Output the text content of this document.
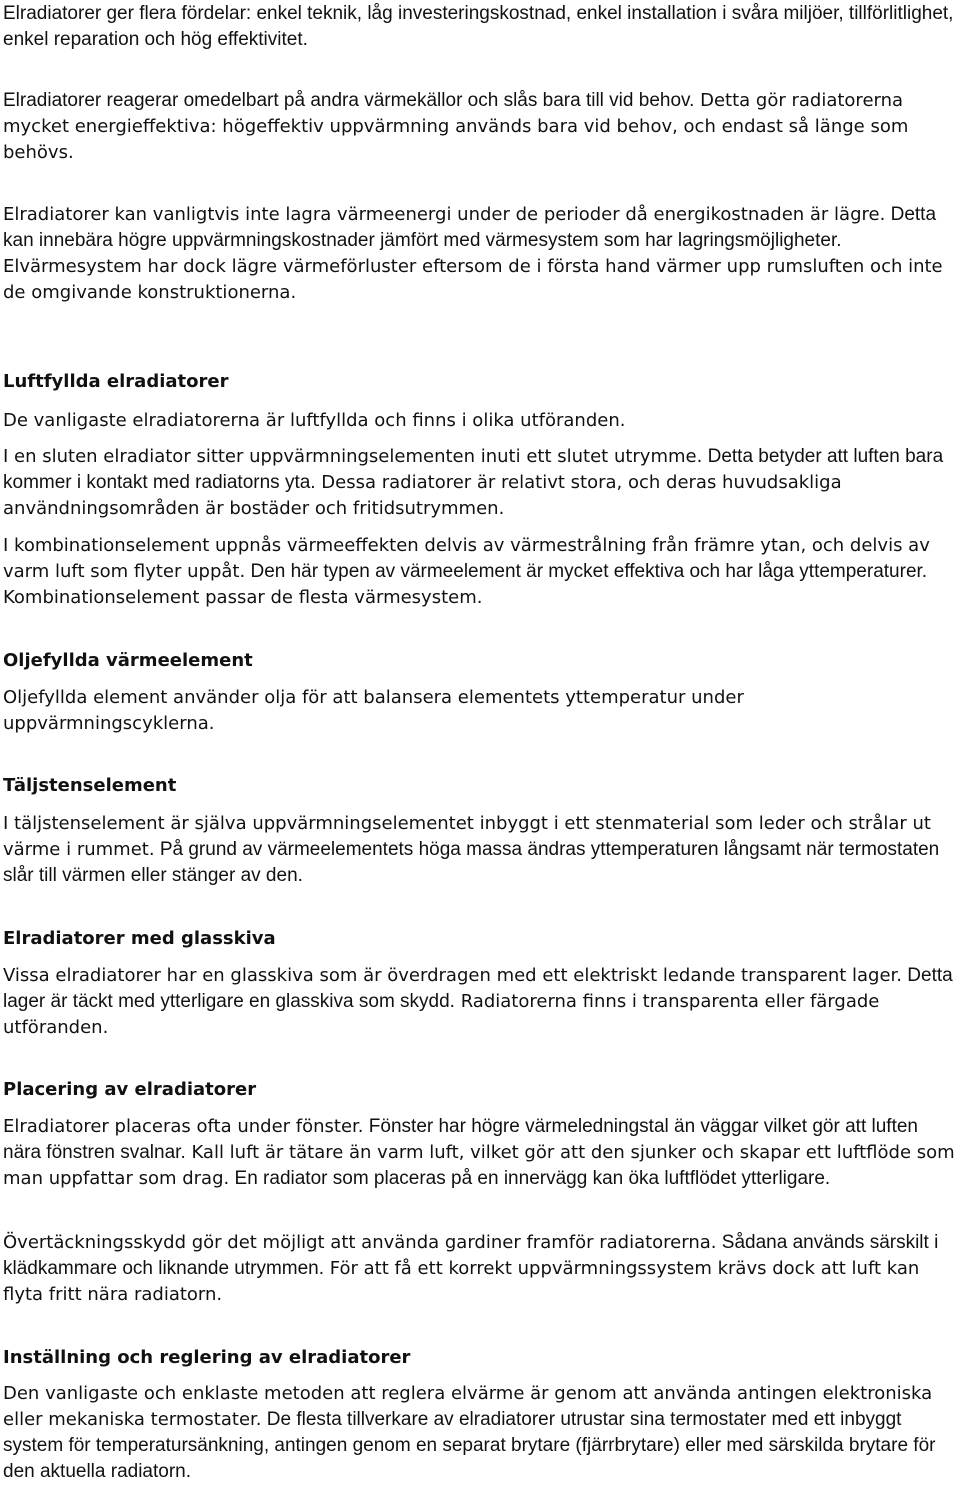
Elradiatorer ger flera fördelar: enkel teknik, låg investeringskostnad, enkel installation i svåra miljöer, tillförlitlighet, enkel reparation och hög effektivitet.

Elradiatorer reagerar omedelbart på andra värmekällor och slås bara till vid behov. Detta gör radiatorerna mycket energieffektiva: högeffektiv uppvärmning används bara vid behov, och endast så länge som behövs.

Elradiatorer kan vanligtvis inte lagra värmeenergi under de perioder då energikostnaden är lägre. Detta kan innebära högre uppvärmningskostnader jämfört med värmesystem som har lagringsmöjligheter. Elvärmesystem har dock lägre värmeförluster eftersom de i första hand värmer upp rumsluften och inte de omgivande konstruktionerna.

Luftfyllda elradiatorer

De vanligaste elradiatorerna är luftfyllda och finns i olika utföranden.

I en sluten elradiator sitter uppvärmningselementen inuti ett slutet utrymme. Detta betyder att luften bara kommer i kontakt med radiatorns yta. Dessa radiatorer är relativt stora, och deras huvudsakliga användningsområden är bostäder och fritidsutrymmen.

I kombinationselement uppnås värmeeffekten delvis av värmestrålning från främre ytan, och delvis av varm luft som flyter uppåt. Den här typen av värmeelement är mycket effektiva och har låga yttemperaturer. Kombinationselement passar de flesta värmesystem.

Oljefyllda värmeelement

Oljefyllda element använder olja för att balansera elementets yttemperatur under uppvärmningscyklerna.

Täljstenselement

I täljstenselement är själva uppvärmningselementet inbyggt i ett stenmaterial som leder och strålar ut värme i rummet. På grund av värmeelementets höga massa ändras yttemperaturen långsamt när termostaten slår till värmen eller stänger av den.

Elradiatorer med glasskiva

Vissa elradiatorer har en glasskiva som är överdragen med ett elektriskt ledande transparent lager. Detta lager är täckt med ytterligare en glasskiva som skydd. Radiatorerna finns i transparenta eller färgade utföranden.

Placering av elradiatorer

Elradiatorer placeras ofta under fönster. Fönster har högre värmeledningstal än väggar vilket gör att luften nära fönstren svalnar. Kall luft är tätare än varm luft, vilket gör att den sjunker och skapar ett luftflöde som man uppfattar som drag. En radiator som placeras på en innervägg kan öka luftflödet ytterligare.

Övertäckningsskydd gör det möjligt att använda gardiner framför radiatorerna. Sådana används särskilt i klädkammare och liknande utrymmen. För att få ett korrekt uppvärmningssystem krävs dock att luft kan flyta fritt nära radiatorn.

Inställning och reglering av elradiatorer

Den vanligaste och enklaste metoden att reglera elvärme är genom att använda antingen elektroniska eller mekaniska termostater. De flesta tillverkare av elradiatorer utrustar sina termostater med ett inbyggt system för temperatursänkning, antingen genom en separat brytare (fjärrbrytare) eller med särskilda brytare för den aktuella radiatorn.
